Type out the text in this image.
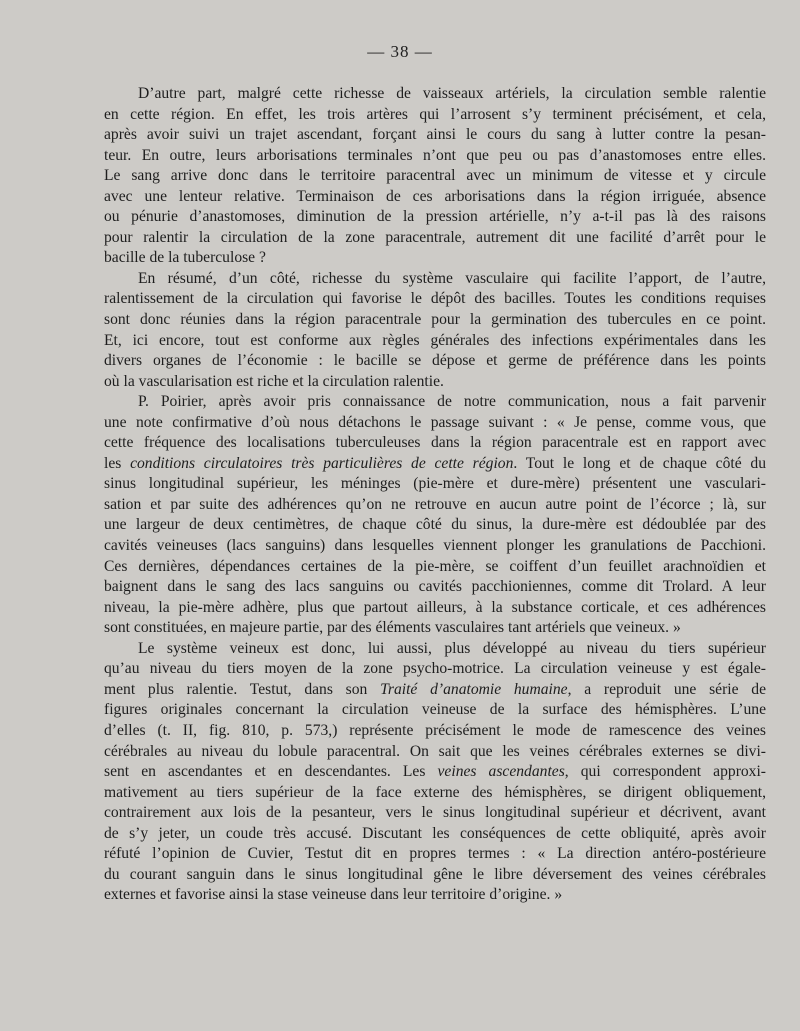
— 38 —
D’autre part, malgré cette richesse de vaisseaux artériels, la circulation semble ralentie
en cette région. En effet, les trois artères qui l’arrosent s’y terminent précisément, et cela,
après avoir suivi un trajet ascendant, forçant ainsi le cours du sang à lutter contre la pesan-
teur. En outre, leurs arborisations terminales n’ont que peu ou pas d’anastomoses entre elles.
Le sang arrive donc dans le territoire paracentral avec un minimum de vitesse et y circule
avec une lenteur relative. Terminaison de ces arborisations dans la région irriguée, absence
ou pénurie d’anastomoses, diminution de la pression artérielle, n’y a-t-il pas là des raisons
pour ralentir la circulation de la zone paracentrale, autrement dit une facilité d’arrêt pour le
bacille de la tuberculose ?
En résumé, d’un côté, richesse du système vasculaire qui facilite l’apport, de l’autre,
ralentissement de la circulation qui favorise le dépôt des bacilles. Toutes les conditions requises
sont donc réunies dans la région paracentrale pour la germination des tubercules en ce point.
Et, ici encore, tout est conforme aux règles générales des infections expérimentales dans les
divers organes de l’économie : le bacille se dépose et germe de préférence dans les points
où la vascularisation est riche et la circulation ralentie.
P. Poirier, après avoir pris connaissance de notre communication, nous a fait parvenir
une note confirmative d’où nous détachons le passage suivant : « Je pense, comme vous, que
cette fréquence des localisations tuberculeuses dans la région paracentrale est en rapport avec
les conditions circulatoires très particulières de cette région. Tout le long et de chaque côté du
sinus longitudinal supérieur, les méninges (pie-mère et dure-mère) présentent une vasculari-
sation et par suite des adhérences qu’on ne retrouve en aucun autre point de l’écorce ; là, sur
une largeur de deux centimètres, de chaque côté du sinus, la dure-mère est dédoublée par des
cavités veineuses (lacs sanguins) dans lesquelles viennent plonger les granulations de Pacchioni.
Ces dernières, dépendances certaines de la pie-mère, se coiffent d’un feuillet arachnoïdien et
baignent dans le sang des lacs sanguins ou cavités pacchioniennes, comme dit Trolard. A leur
niveau, la pie-mère adhère, plus que partout ailleurs, à la substance corticale, et ces adhérences
sont constituées, en majeure partie, par des éléments vasculaires tant artériels que veineux. »
Le système veineux est donc, lui aussi, plus développé au niveau du tiers supérieur
qu’au niveau du tiers moyen de la zone psycho-motrice. La circulation veineuse y est égale-
ment plus ralentie. Testut, dans son Traité d’anatomie humaine, a reproduit une série de
figures originales concernant la circulation veineuse de la surface des hémisphères. L’une
d’elles (t. II, fig. 810, p. 573,) représente précisément le mode de ramescence des veines
cérébrales au niveau du lobule paracentral. On sait que les veines cérébrales externes se divi-
sent en ascendantes et en descendantes. Les veines ascendantes, qui correspondent approxi-
mativement au tiers supérieur de la face externe des hémisphères, se dirigent obliquement,
contrairement aux lois de la pesanteur, vers le sinus longitudinal supérieur et décrivent, avant
de s’y jeter, un coude très accusé. Discutant les conséquences de cette obliquité, après avoir
réfuté l’opinion de Cuvier, Testut dit en propres termes : « La direction antéro-postérieure
du courant sanguin dans le sinus longitudinal gêne le libre déversement des veines cérébrales
externes et favorise ainsi la stase veineuse dans leur territoire d’origine. »
